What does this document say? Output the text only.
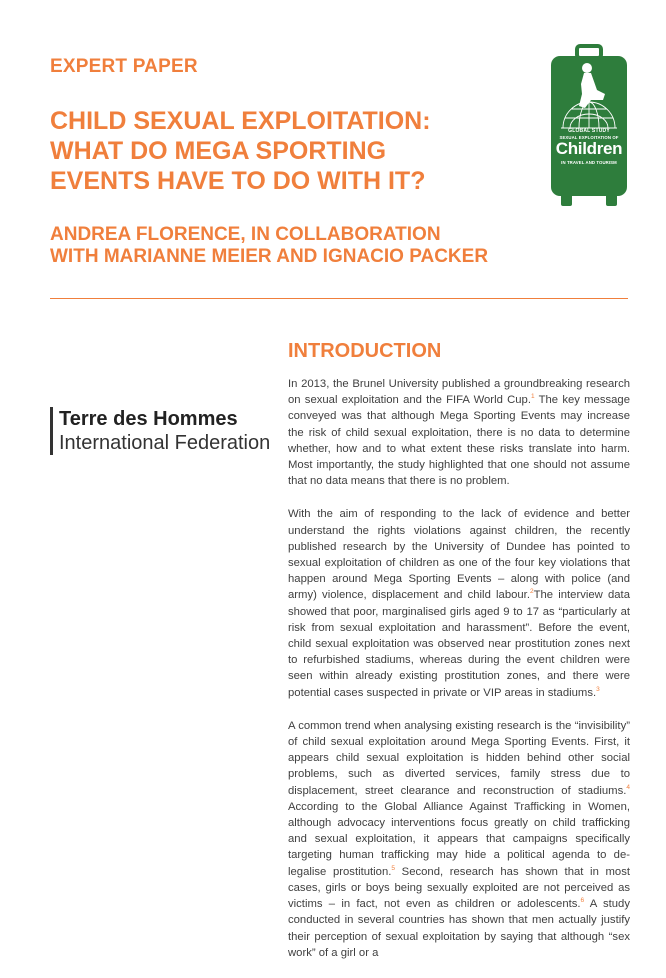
EXPERT PAPER
CHILD SEXUAL EXPLOITATION:
WHAT DO MEGA SPORTING
EVENTS HAVE TO DO WITH IT?
ANDREA FLORENCE, IN COLLABORATION
WITH MARIANNE MEIER AND IGNACIO PACKER
GLOBAL STUDY
SEXUAL EXPLOITATION OF
Children
IN TRAVEL AND TOURISM
Terre des Hommes
International Federation
INTRODUCTION

In 2013, the Brunel University published a groundbreaking research on sexual exploitation and the FIFA World Cup.$^1$ The key message conveyed was that although Mega Sporting Events may increase the risk of child sexual exploitation, there is no data to determine whether, how and to what extent these risks translate into harm. Most importantly, the study highlighted that one should not assume that no data means that there is no problem.

With the aim of responding to the lack of evidence and better understand the rights violations against children, the recently published research by the University of Dundee has pointed to sexual exploitation of children as one of the four key violations that happen around Mega Sporting Events – along with police (and army) violence, displacement and child labour.$^2$The interview data showed that poor, marginalised girls aged 9 to 17 as “particularly at risk from sexual exploitation and harassment”. Before the event, child sexual exploitation was observed near prostitution zones next to refurbished stadiums, whereas during the event children were seen within already existing prostitution zones, and there were potential cases suspected in private or VIP areas in stadiums.$^3$

A common trend when analysing existing research is the “invisibility” of child sexual exploitation around Mega Sporting Events. First, it appears child sexual exploitation is hidden behind other social problems, such as diverted services, family stress due to displacement, street clearance and reconstruction of stadiums.$^4$ According to the Global Alliance Against Trafficking in Women, although advocacy interventions focus greatly on child trafficking and sexual exploitation, it appears that campaigns specifically targeting human trafficking may hide a political agenda to de-legalise prostitution.$^5$ Second, research has shown that in most cases, girls or boys being sexually exploited are not perceived as victims – in fact, not even as children or adolescents.$^6$ A study conducted in several countries has shown that men actually justify their perception of sexual exploitation by saying that although “sex work” of a girl or a
